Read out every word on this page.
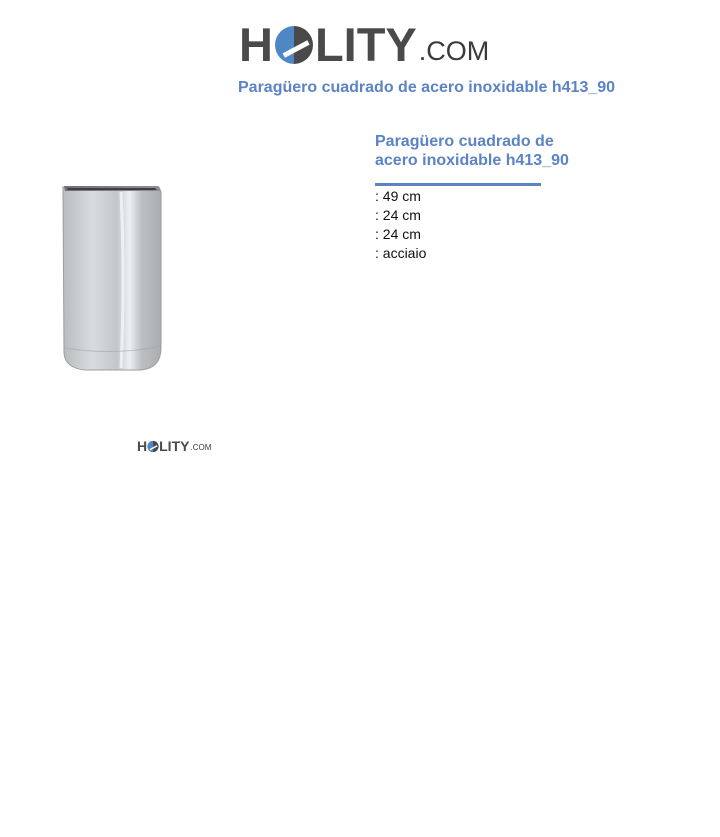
H LITY .COM
Paragüero cuadrado de acero inoxidable h413_90
H LITY .COM
Paragüero cuadrado de
acero inoxidable h413_90
: 49 cm
: 24 cm
: 24 cm
: acciaio
